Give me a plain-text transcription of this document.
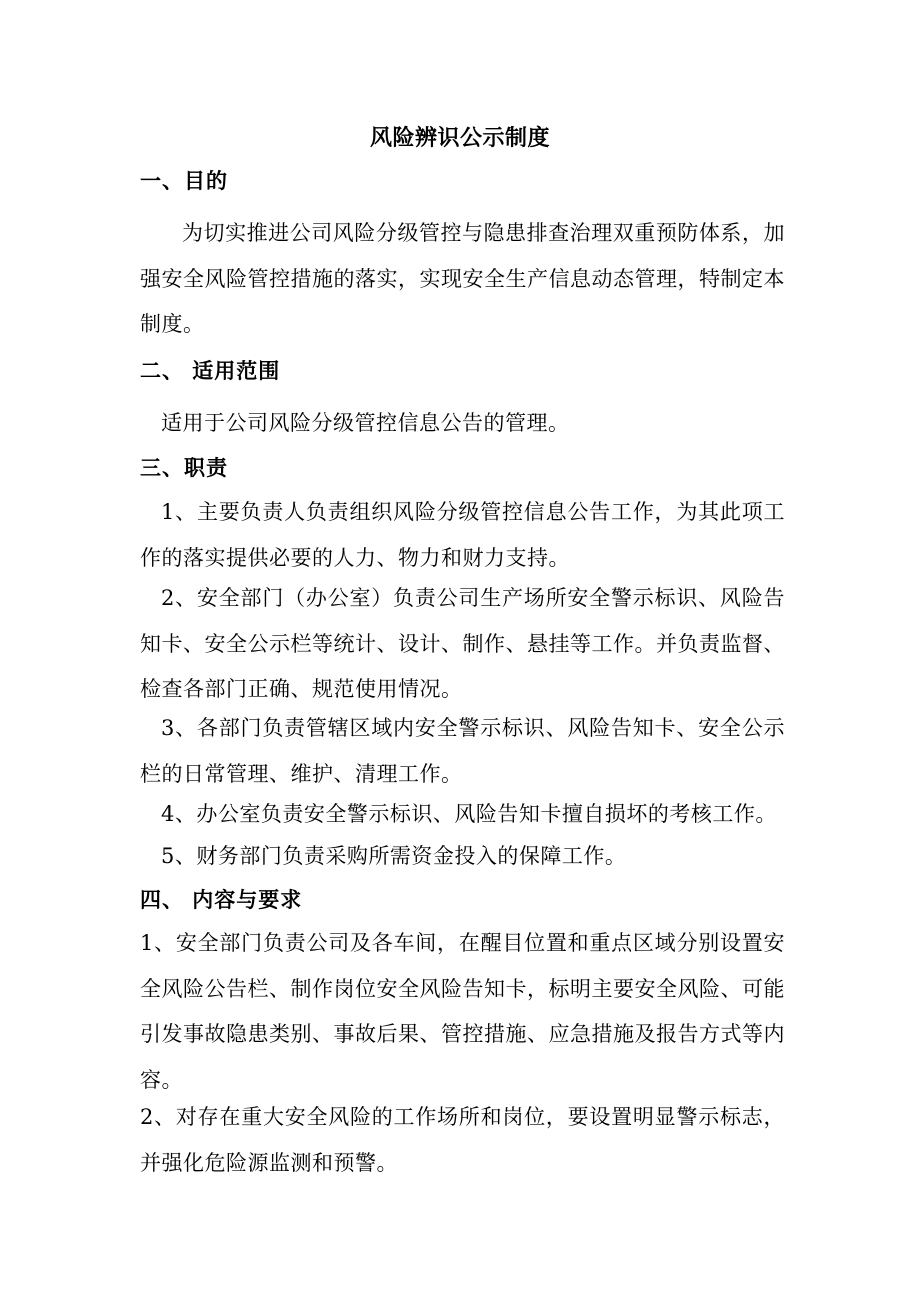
风险辨识公示制度
一、目的
为切实推进公司风险分级管控与隐患排查治理双重预防体系，加强安全风险管控措施的落实，实现安全生产信息动态管理，特制定本制度。
二、 适用范围
适用于公司风险分级管控信息公告的管理。
三、职责
1、主要负责人负责组织风险分级管控信息公告工作，为其此项工作的落实提供必要的人力、物力和财力支持。
2、安全部门（办公室）负责公司生产场所安全警示标识、风险告知卡、安全公示栏等统计、设计、制作、悬挂等工作。并负责监督、检查各部门正确、规范使用情况。
3、各部门负责管辖区域内安全警示标识、风险告知卡、安全公示栏的日常管理、维护、清理工作。
4、办公室负责安全警示标识、风险告知卡擅自损坏的考核工作。
5、财务部门负责采购所需资金投入的保障工作。
四、 内容与要求
1、安全部门负责公司及各车间，在醒目位置和重点区域分别设置安全风险公告栏、制作岗位安全风险告知卡，标明主要安全风险、可能引发事故隐患类别、事故后果、管控措施、应急措施及报告方式等内容。
2、对存在重大安全风险的工作场所和岗位，要设置明显警示标志，并强化危险源监测和预警。
